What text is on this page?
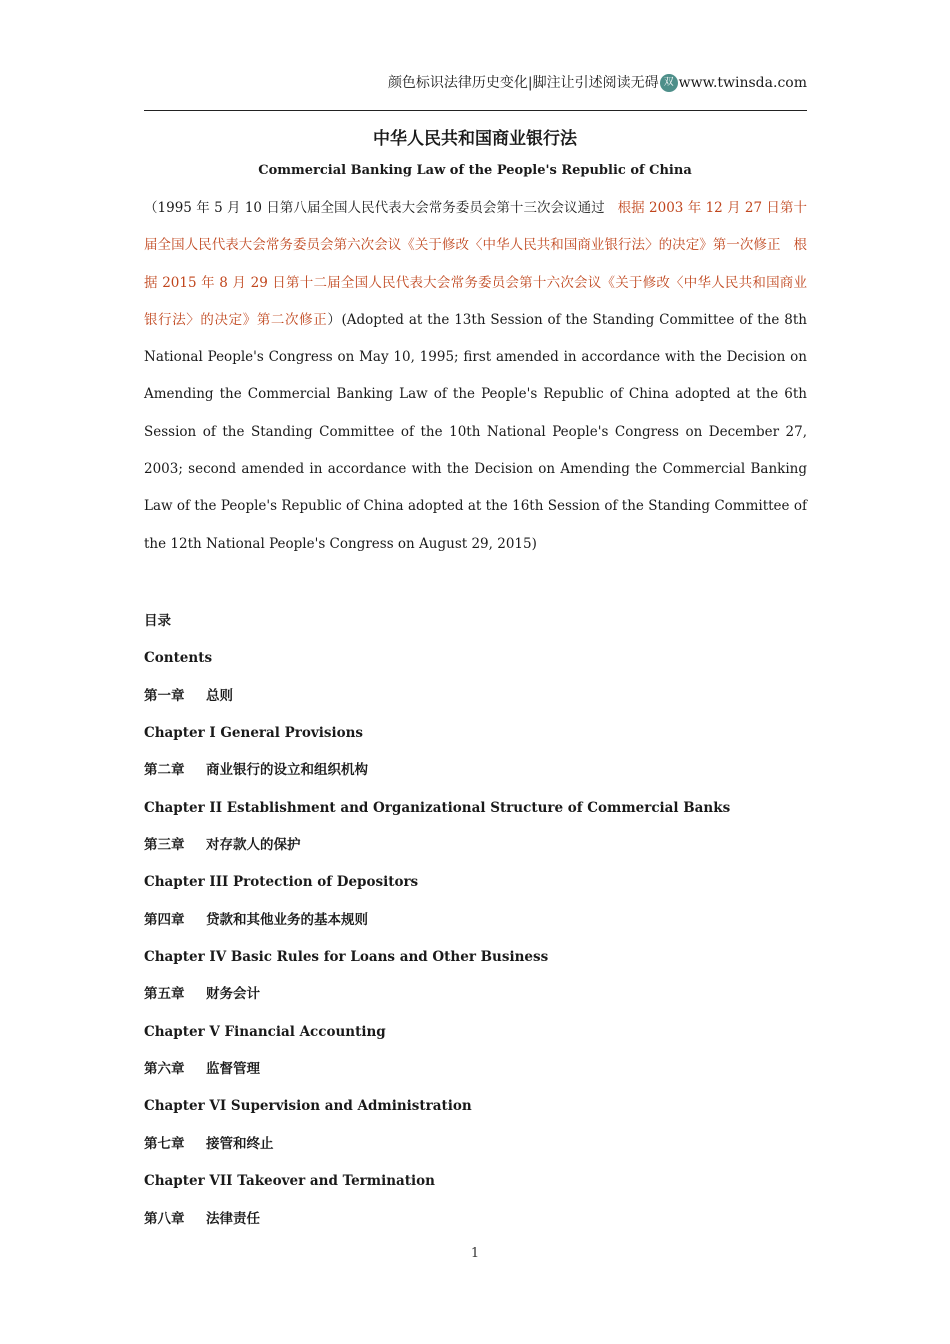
颜色标识法律历史变化|脚注让引述阅读无碍 双 www.twinsda.com
中华人民共和国商业银行法
Commercial Banking Law of the People's Republic of China
（1995 年 5 月 10 日第八届全国人民代表大会常务委员会第十三次会议通过 根据 2003 年 12 月 27 日第十届全国人民代表大会常务委员会第六次会议《关于修改〈中华人民共和国商业银行法〉的决定》第一次修正 根据 2015 年 8 月 29 日第十二届全国人民代表大会常务委员会第十六次会议《关于修改〈中华人民共和国商业银行法〉的决定》第二次修正）(Adopted at the 13th Session of the Standing Committee of the 8th National People's Congress on May 10, 1995; first amended in accordance with the Decision on Amending the Commercial Banking Law of the People's Republic of China adopted at the 6th Session of the Standing Committee of the 10th National People's Congress on December 27, 2003; second amended in accordance with the Decision on Amending the Commercial Banking Law of the People's Republic of China adopted at the 16th Session of the Standing Committee of the 12th National People's Congress on August 29, 2015)
目录
Contents
第一章 总则
Chapter I General Provisions
第二章 商业银行的设立和组织机构
Chapter II Establishment and Organizational Structure of Commercial Banks
第三章 对存款人的保护
Chapter III Protection of Depositors
第四章 贷款和其他业务的基本规则
Chapter IV Basic Rules for Loans and Other Business
第五章 财务会计
Chapter V Financial Accounting
第六章 监督管理
Chapter VI Supervision and Administration
第七章 接管和终止
Chapter VII Takeover and Termination
第八章 法律责任
1
